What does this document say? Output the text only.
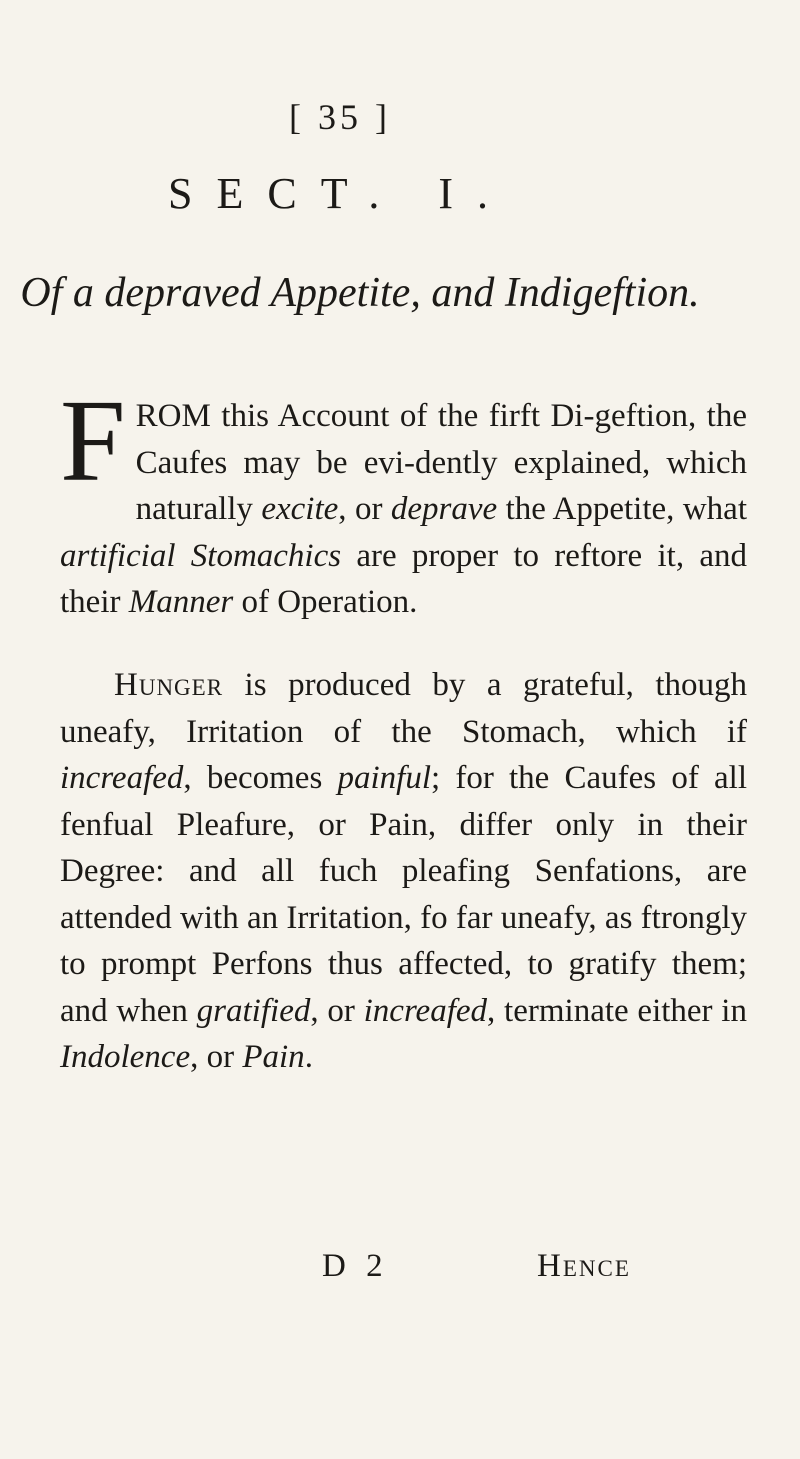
[ 35 ]
SECT. I.
Of a depraved Appetite, and Indigeftion.
FROM this Account of the firft Di-geftion, the Caufes may be evi-dently explained, which naturally excite, or deprave the Appetite, what artificial Stomachics are proper to reftore it, and their Manner of Operation.
Hunger is produced by a grateful, though uneafy, Irritation of the Stomach, which if increafed, becomes painful; for the Caufes of all fenfual Pleafure, or Pain, differ only in their Degree: and all fuch pleafing Senfations, are attended with an Irritation, fo far uneafy, as ftrongly to prompt Perfons thus affected, to gratify them; and when gratified, or increafed, terminate either in Indolence, or Pain.
D 2	Hence
